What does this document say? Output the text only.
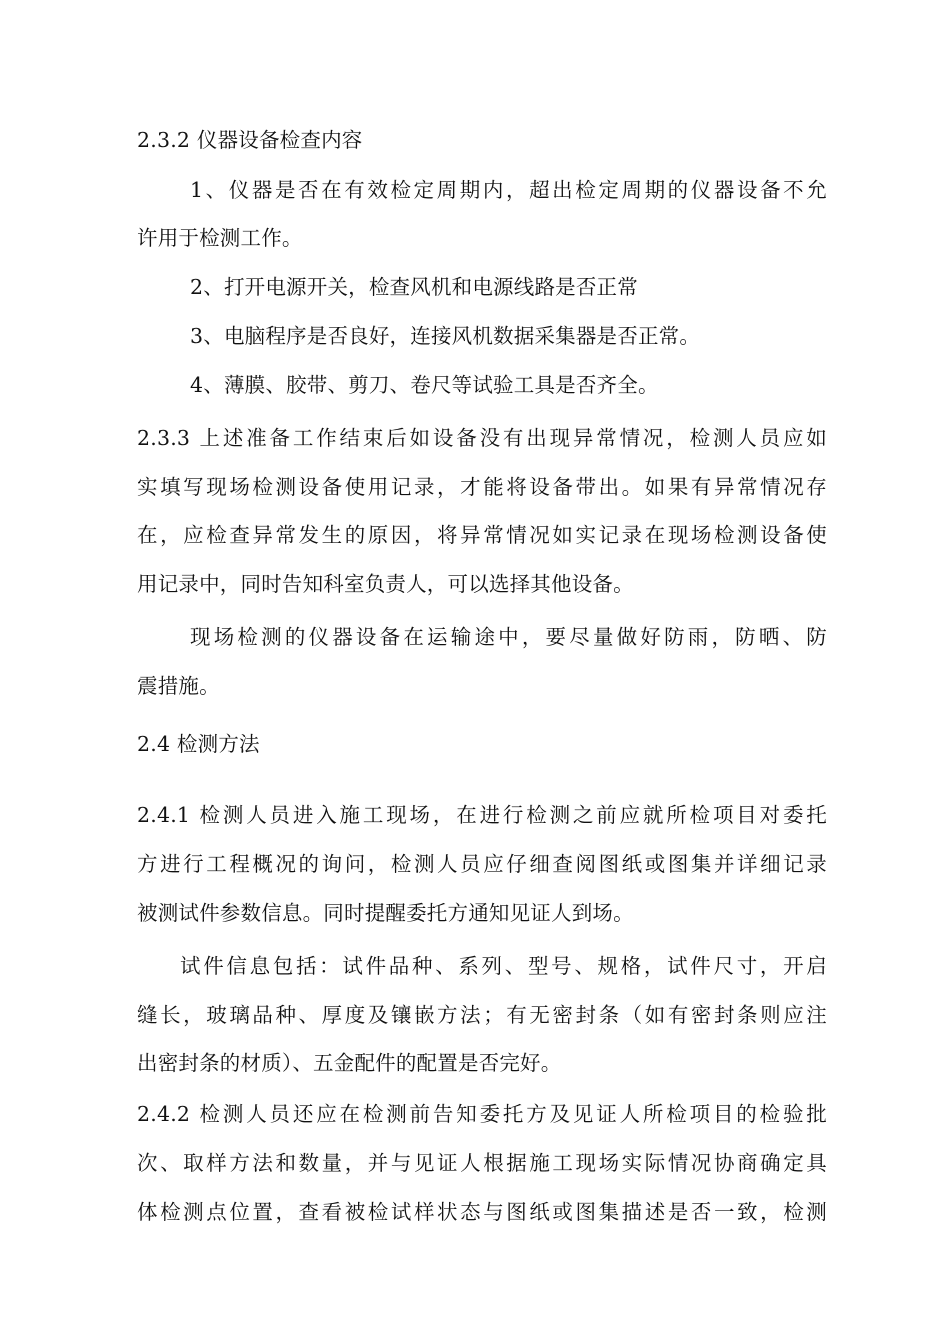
2.3.2 仪器设备检查内容
1、仪器是否在有效检定周期内，超出检定周期的仪器设备不允
许用于检测工作。
2、打开电源开关，检查风机和电源线路是否正常
3、电脑程序是否良好，连接风机数据采集器是否正常。
4、薄膜、胶带、剪刀、卷尺等试验工具是否齐全。
2.3.3 上述准备工作结束后如设备没有出现异常情况，检测人员应如
实填写现场检测设备使用记录，才能将设备带出。如果有异常情况存
在，应检查异常发生的原因，将异常情况如实记录在现场检测设备使
用记录中，同时告知科室负责人，可以选择其他设备。
现场检测的仪器设备在运输途中，要尽量做好防雨，防晒、防
震措施。
2.4 检测方法
2.4.1 检测人员进入施工现场，在进行检测之前应就所检项目对委托
方进行工程概况的询问，检测人员应仔细查阅图纸或图集并详细记录
被测试件参数信息。同时提醒委托方通知见证人到场。
试件信息包括：试件品种、系列、型号、规格，试件尺寸，开启
缝长，玻璃品种、厚度及镶嵌方法；有无密封条（如有密封条则应注
出密封条的材质）、五金配件的配置是否完好。
2.4.2 检测人员还应在检测前告知委托方及见证人所检项目的检验批
次、取样方法和数量，并与见证人根据施工现场实际情况协商确定具
体检测点位置，查看被检试样状态与图纸或图集描述是否一致，检测
